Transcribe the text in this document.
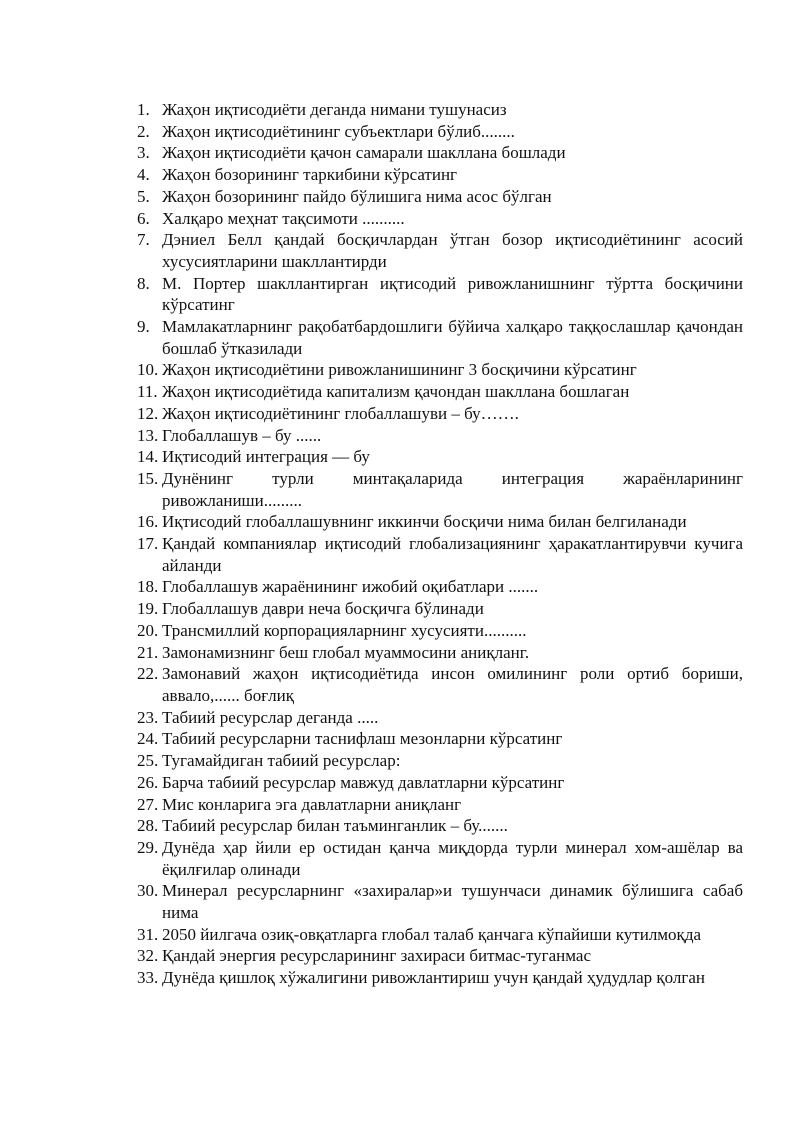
1. Жаҳон иқтисодиёти деганда нимани тушунасиз
2. Жаҳон иқтисодиётининг субъектлари бўлиб........
3. Жаҳон иқтисодиёти қачон самарали шакллана бошлади
4. Жаҳон бозорининг таркибини кўрсатинг
5. Жаҳон бозорининг пайдо бўлишига нима асос бўлган
6. Халқаро меҳнат тақсимоти ..........
7. Дэниел Белл қандай босқичлардан ўтган бозор иқтисодиётининг асосий хусусиятларини шакллантирди
8. М. Портер шакллантирган иқтисодий ривожланишнинг тўртта босқичини кўрсатинг
9. Мамлакатларнинг рақобатбардошлиги бўйича халқаро таққослашлар қачондан бошлаб ўтказилади
10. Жаҳон иқтисодиётини ривожланишининг 3 босқичини кўрсатинг
11. Жаҳон иқтисодиётида капитализм қачондан шакллана бошлаган
12. Жаҳон иқтисодиётининг глобаллашуви – бу…….
13. Глобаллашув – бу ......
14. Иқтисодий интеграция — бу
15. Дунёнинг турли минтақаларида интеграция жараёнларининг ривожланиши.........
16. Иқтисодий глобаллашувнинг иккинчи босқичи нима билан белгиланади
17. Қандай компаниялар иқтисодий глобализациянинг ҳаракатлантирувчи кучига айланди
18. Глобаллашув жараёнининг ижобий оқибатлари .......
19. Глобаллашув даври неча босқичга бўлинади
20. Трансмиллий корпорацияларнинг хусусияти..........
21. Замонамизнинг беш глобал муаммосини аниқланг.
22. Замонавий жаҳон иқтисодиётида инсон омилининг роли ортиб бориши, аввало,...... боғлиқ
23. Табиий ресурслар деганда .....
24. Табиий ресурсларни таснифлаш мезонларни кўрсатинг
25. Тугамайдиган табиий ресурслар:
26. Барча табиий ресурслар мавжуд давлатларни кўрсатинг
27. Мис конларига эга давлатларни аниқланг
28. Табиий ресурслар билан таъминганлик – бу.......
29. Дунёда ҳар йили ер остидан қанча миқдорда турли минерал хом-ашёлар ва ёқилғилар олинади
30. Минерал ресурсларнинг «захиралар»и тушунчаси динамик бўлишига сабаб нима
31. 2050 йилгача озиқ-овқатларга глобал талаб қанчага кўпайиши кутилмоқда
32. Қандай энергия ресурсларининг захираси битмас-туганмас
33. Дунёда қишлоқ хўжалигини ривожлантириш учун қандай ҳудудлар қолган
